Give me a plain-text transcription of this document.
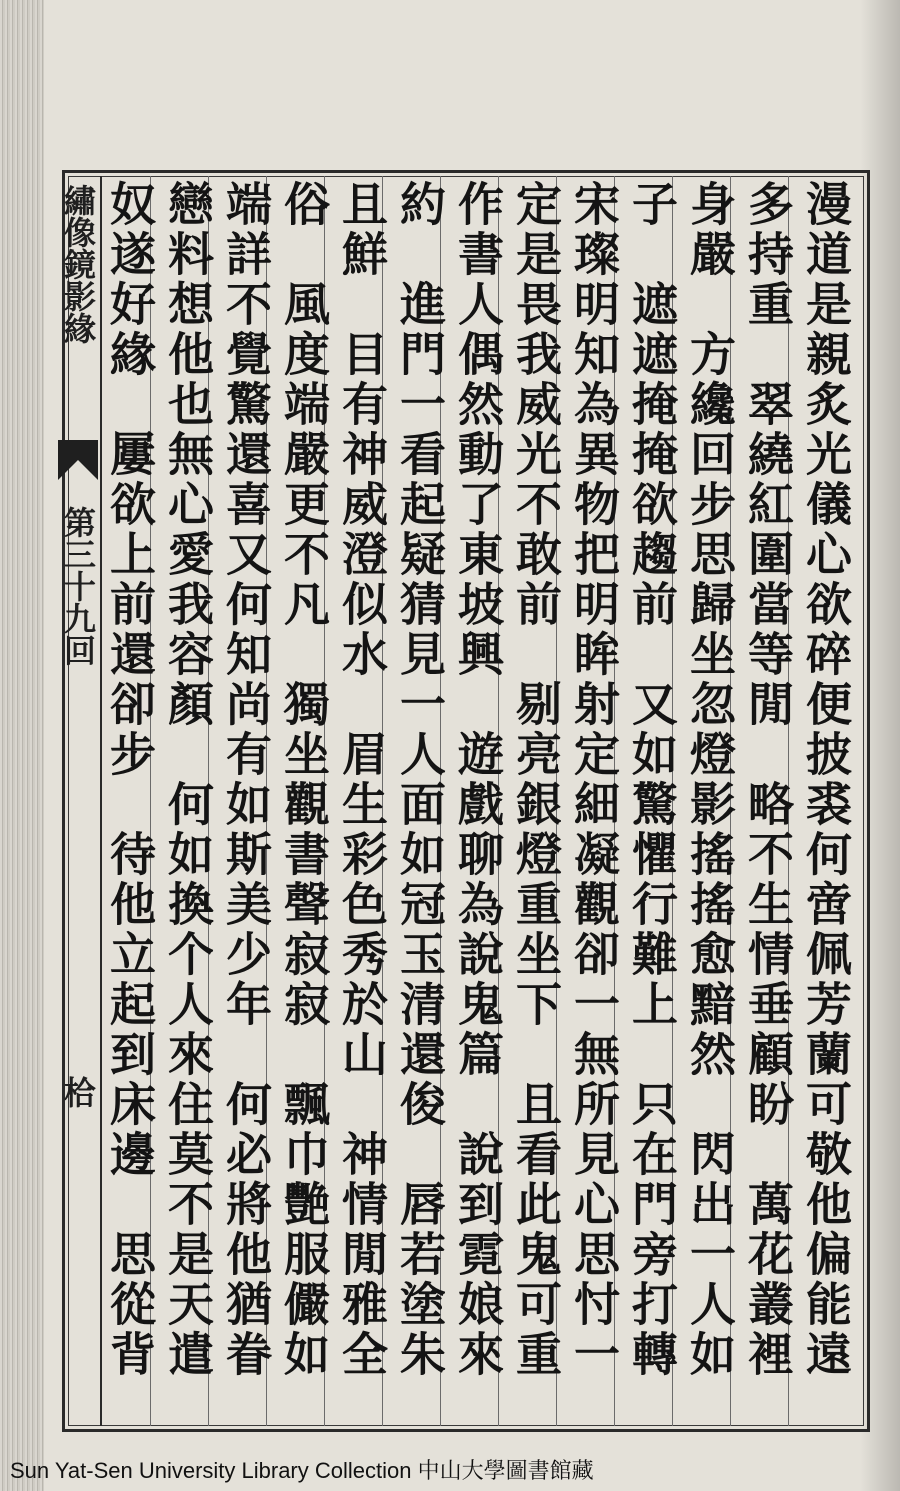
繡像鏡影緣
第三十九回
㭘
漫道是親炙光儀心欲碎便披裘何啻佩芳蘭可敬他偏能遠
多持重　翠繞紅圍當等閒　略不生情垂顧盼　萬花叢裡
身嚴　方纔回步思歸坐忽燈影搖搖愈黯然　閃出一人如
子　遮遮掩掩欲趨前　又如驚懼行難上　只在門旁打轉
宋璨明知為異物把明眸射定細凝觀卻一無所見心思忖一
定是畏我威光不敢前　剔亮銀燈重坐下　且看此鬼可重
作書人偶然動了東坡興　遊戲聊為說鬼篇　說到霓娘來
約　進門一看起疑猜見一人面如冠玉清還俊　唇若塗朱
且鮮　目有神威澄似水　眉生彩色秀於山　神情閒雅全
俗　風度端嚴更不凡　獨坐觀書聲寂寂　飄巾艷服儼如
端詳不覺驚還喜又何知尚有如斯美少年　何必將他猶眷
戀料想他也無心愛我容顏　何如換个人來住莫不是天遣
奴遂好緣　屢欲上前還卻步　待他立起到床邊　思從背
Sun Yat-Sen University Library Collection 中山大學圖書館藏
